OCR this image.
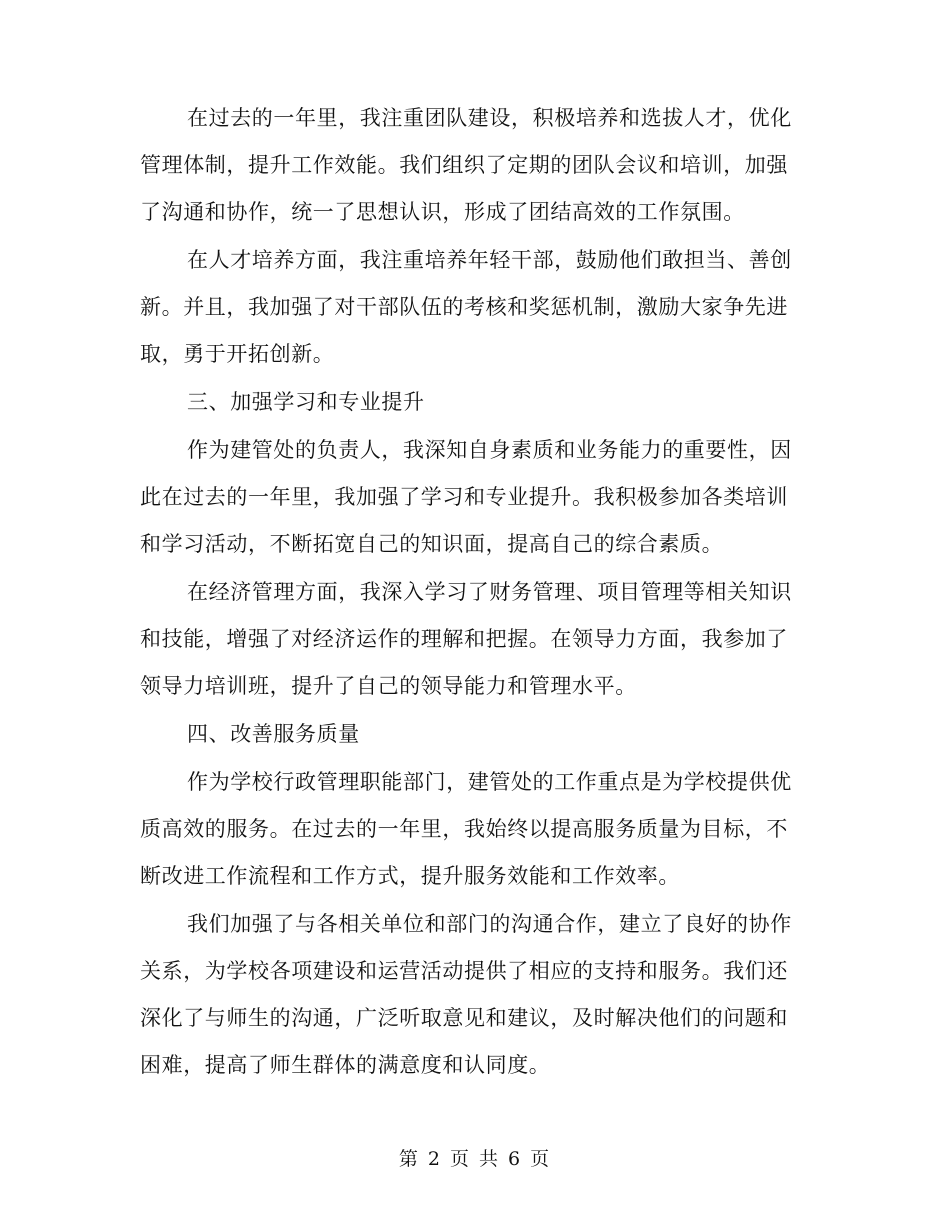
在过去的一年里，我注重团队建设，积极培养和选拔人才，优化
管理体制，提升工作效能。我们组织了定期的团队会议和培训，加强
了沟通和协作，统一了思想认识，形成了团结高效的工作氛围。
在人才培养方面，我注重培养年轻干部，鼓励他们敢担当、善创
新。并且，我加强了对干部队伍的考核和奖惩机制，激励大家争先进
取，勇于开拓创新。
三、加强学习和专业提升
作为建管处的负责人，我深知自身素质和业务能力的重要性，因
此在过去的一年里，我加强了学习和专业提升。我积极参加各类培训
和学习活动，不断拓宽自己的知识面，提高自己的综合素质。
在经济管理方面，我深入学习了财务管理、项目管理等相关知识
和技能，增强了对经济运作的理解和把握。在领导力方面，我参加了
领导力培训班，提升了自己的领导能力和管理水平。
四、改善服务质量
作为学校行政管理职能部门，建管处的工作重点是为学校提供优
质高效的服务。在过去的一年里，我始终以提高服务质量为目标，不
断改进工作流程和工作方式，提升服务效能和工作效率。
我们加强了与各相关单位和部门的沟通合作，建立了良好的协作
关系，为学校各项建设和运营活动提供了相应的支持和服务。我们还
深化了与师生的沟通，广泛听取意见和建议，及时解决他们的问题和
困难，提高了师生群体的满意度和认同度。
第 2 页 共 6 页
